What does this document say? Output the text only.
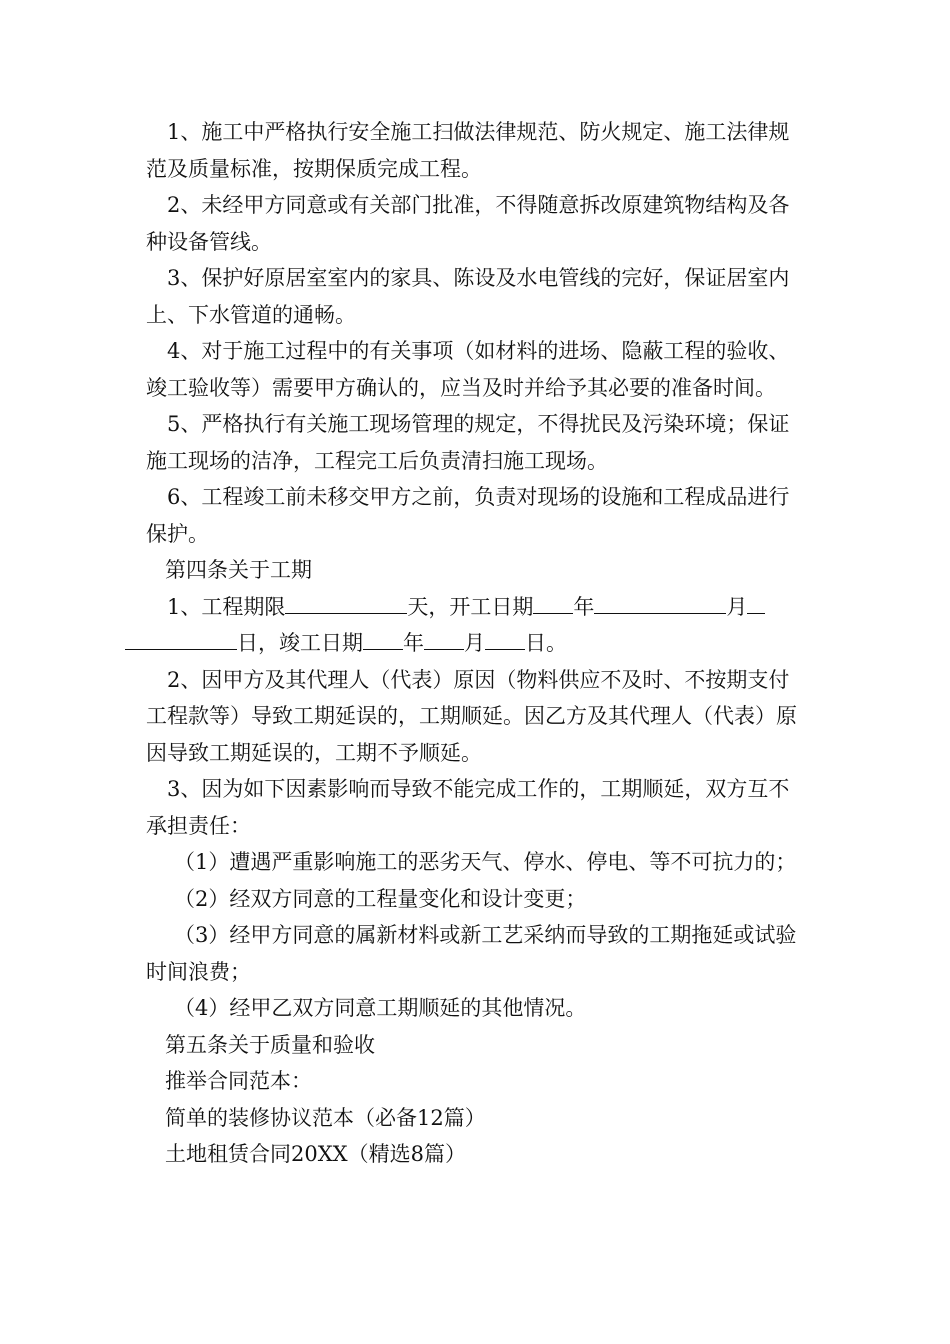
1、施工中严格执行安全施工扫做法律规范、防火规定、施工法律规范及质量标准，按期保质完成工程。

2、未经甲方同意或有关部门批准，不得随意拆改原建筑物结构及各种设备管线。

3、保护好原居室室内的家具、陈设及水电管线的完好，保证居室内上、下水管道的通畅。

4、对于施工过程中的有关事项（如材料的进场、隐蔽工程的验收、竣工验收等）需要甲方确认的，应当及时并给予其必要的准备时间。

5、严格执行有关施工现场管理的规定，不得扰民及污染环境；保证施工现场的洁净，工程完工后负责清扫施工现场。

6、工程竣工前未移交甲方之前，负责对现场的设施和工程成品进行保护。

第四条关于工期

1、工程期限	天，开工日期 年	月日，竣工日期 年 月 日。

2、因甲方及其代理人（代表）原因（物料供应不及时、不按期支付工程款等）导致工期延误的，工期顺延。因乙方及其代理人（代表）原因导致工期延误的，工期不予顺延。

3、因为如下因素影响而导致不能完成工作的，工期顺延，双方互不承担责任：

（1）遭遇严重影响施工的恶劣天气、停水、停电、等不可抗力的；

（2）经双方同意的工程量变化和设计变更；

（3）经甲方同意的属新材料或新工艺采纳而导致的工期拖延或试验时间浪费；

（4）经甲乙双方同意工期顺延的其他情况。

第五条关于质量和验收

推举合同范本：

简单的装修协议范本（必备12篇）

土地租赁合同20XX（精选8篇）
